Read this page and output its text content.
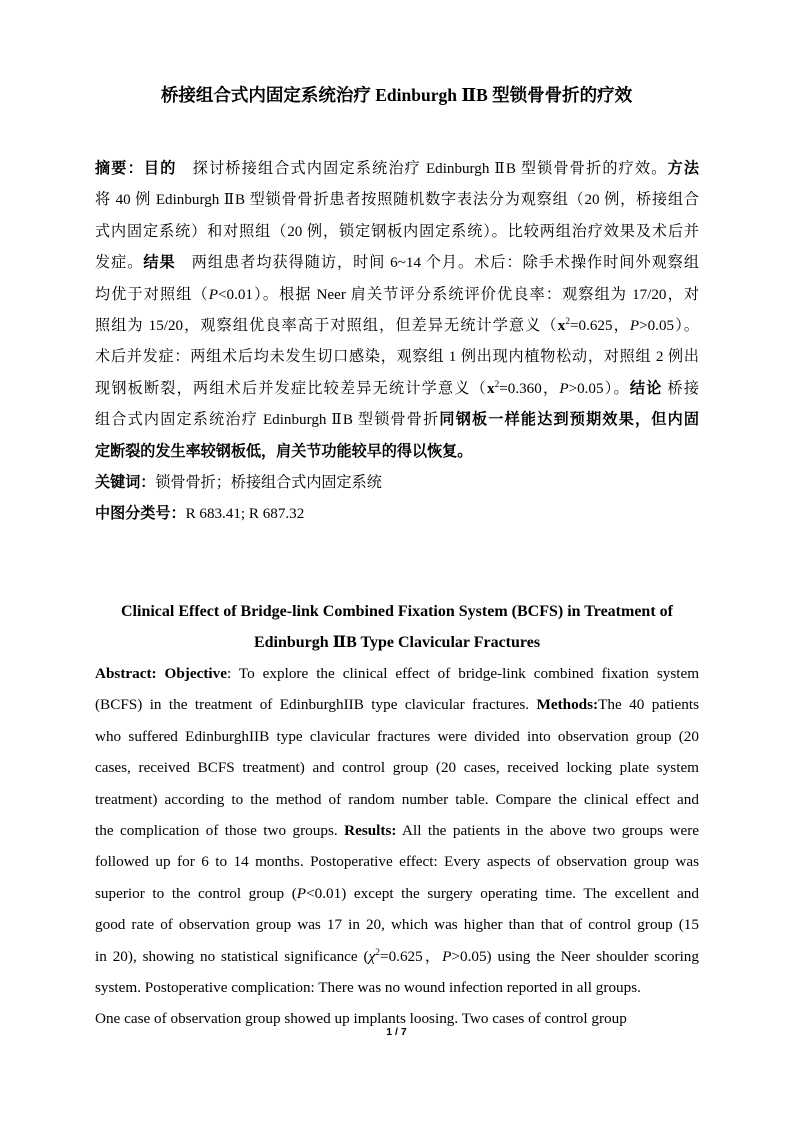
桥接组合式内固定系统治疗 Edinburgh ⅡB 型锁骨骨折的疗效
摘要：目的　探讨桥接组合式内固定系统治疗 Edinburgh ⅡB 型锁骨骨折的疗效。方法
将 40 例 Edinburgh ⅡB 型锁骨骨折患者按照随机数字表法分为观察组（20 例，桥接组合
式内固定系统）和对照组（20 例，锁定钢板内固定系统）。比较两组治疗效果及术后并
发症。结果　两组患者均获得随访，时间 6~14 个月。术后：除手术操作时间外观察组
均优于对照组（P<0.01）。根据 Neer 肩关节评分系统评价优良率：观察组为 17/20，对
照组为 15/20，观察组优良率高于对照组，但差异无统计学意义（$x^2=0.625$，P>0.05）。
术后并发症：两组术后均未发生切口感染，观察组 1 例出现内植物松动，对照组 2 例出
现钢板断裂，两组术后并发症比较差异无统计学意义（$x^2=0.360$，P>0.05）。结论 桥接
组合式内固定系统治疗 Edinburgh ⅡB 型锁骨骨折同钢板一样能达到预期效果，但内固
定断裂的发生率较钢板低，肩关节功能较早的得以恢复。
关键词：锁骨骨折；桥接组合式内固定系统
中图分类号：R 683.41; R 687.32
Clinical Effect of Bridge-link Combined Fixation System (BCFS) in Treatment of
Edinburgh ⅡB Type Clavicular Fractures
Abstract: Objective: To explore the clinical effect of bridge-link combined fixation system
(BCFS) in the treatment of EdinburghIIB type clavicular fractures. Methods:The 40 patients
who suffered EdinburghIIB type clavicular fractures were divided into observation group (20
cases, received BCFS treatment) and control group (20 cases, received locking plate system
treatment) according to the method of random number table. Compare the clinical effect and
the complication of those two groups. Results: All the patients in the above two groups were
followed up for 6 to 14 months. Postoperative effect: Every aspects of observation group was
superior to the control group (P<0.01) except the surgery operating time. The excellent and
good rate of observation group was 17 in 20, which was higher than that of control group (15
in 20), showing no statistical significance ($\chi^2=0.625$，P>0.05) using the Neer shoulder scoring
system. Postoperative complication: There was no wound infection reported in all groups.
One case of observation group showed up implants loosing. Two cases of control group
1 / 7
